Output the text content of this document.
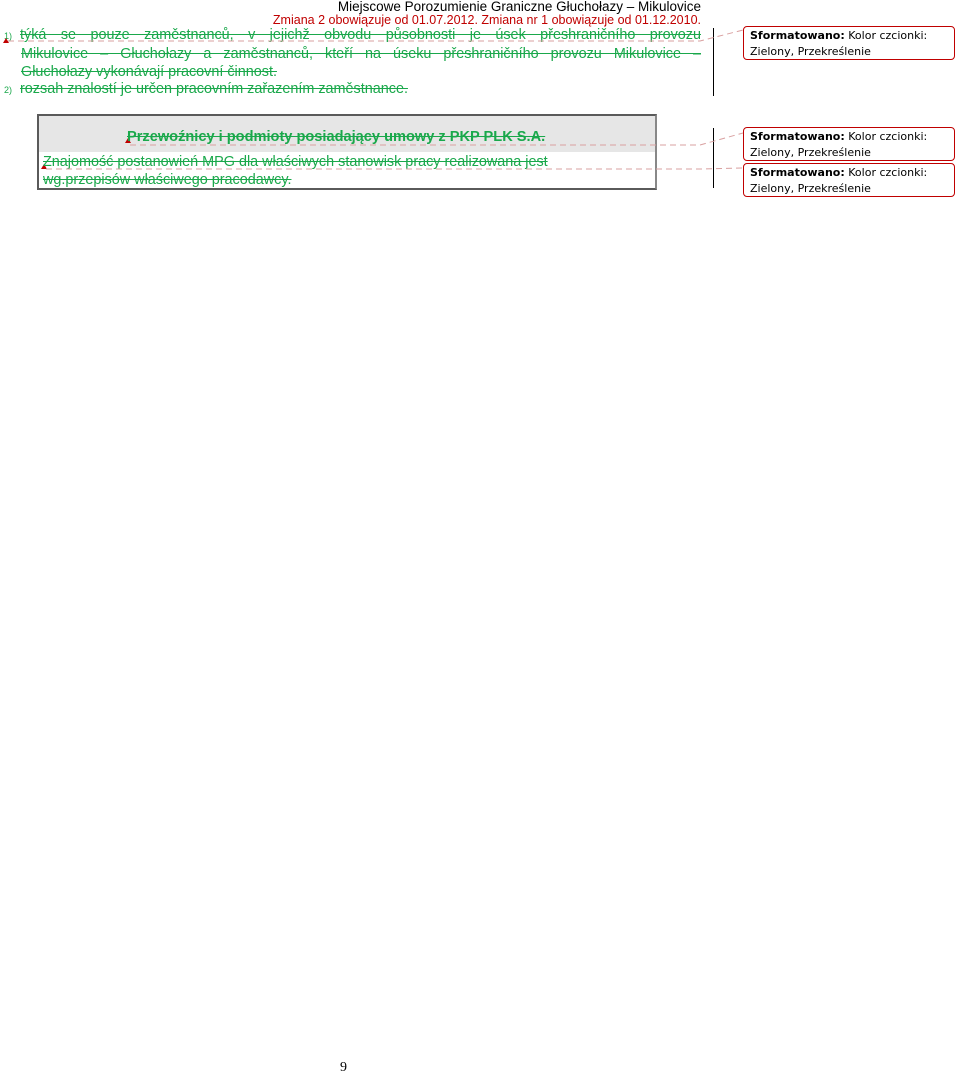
Miejscowe Porozumienie Graniczne Głuchołazy – Mikulovice
Zmiana 2 obowiązuje od 01.07.2012. Zmiana nr 1 obowiązuje od 01.12.2010.
1) týká se pouze zaměstnanců, v jejichž obvodu působnosti je úsek přeshraničního provozu
Mikulovice – Głuchołazy a zaměstnanců, kteří na úseku přeshraničního provozu Mikulovice –
Głuchołazy vykonávají pracovní činnost.
2) rozsah znalostí je určen pracovním zařazením zaměstnance.
Przewoźnicy i podmioty posiadający umowy z PKP PLK S.A.
Znajomość postanowień MPG dla właściwych stanowisk pracy realizowana jest wg.przepisów właściwego pracodawcy.
Sformatowano: Kolor czcionki: Zielony, Przekreślenie
Sformatowano: Kolor czcionki: Zielony, Przekreślenie
Sformatowano: Kolor czcionki: Zielony, Przekreślenie
9
